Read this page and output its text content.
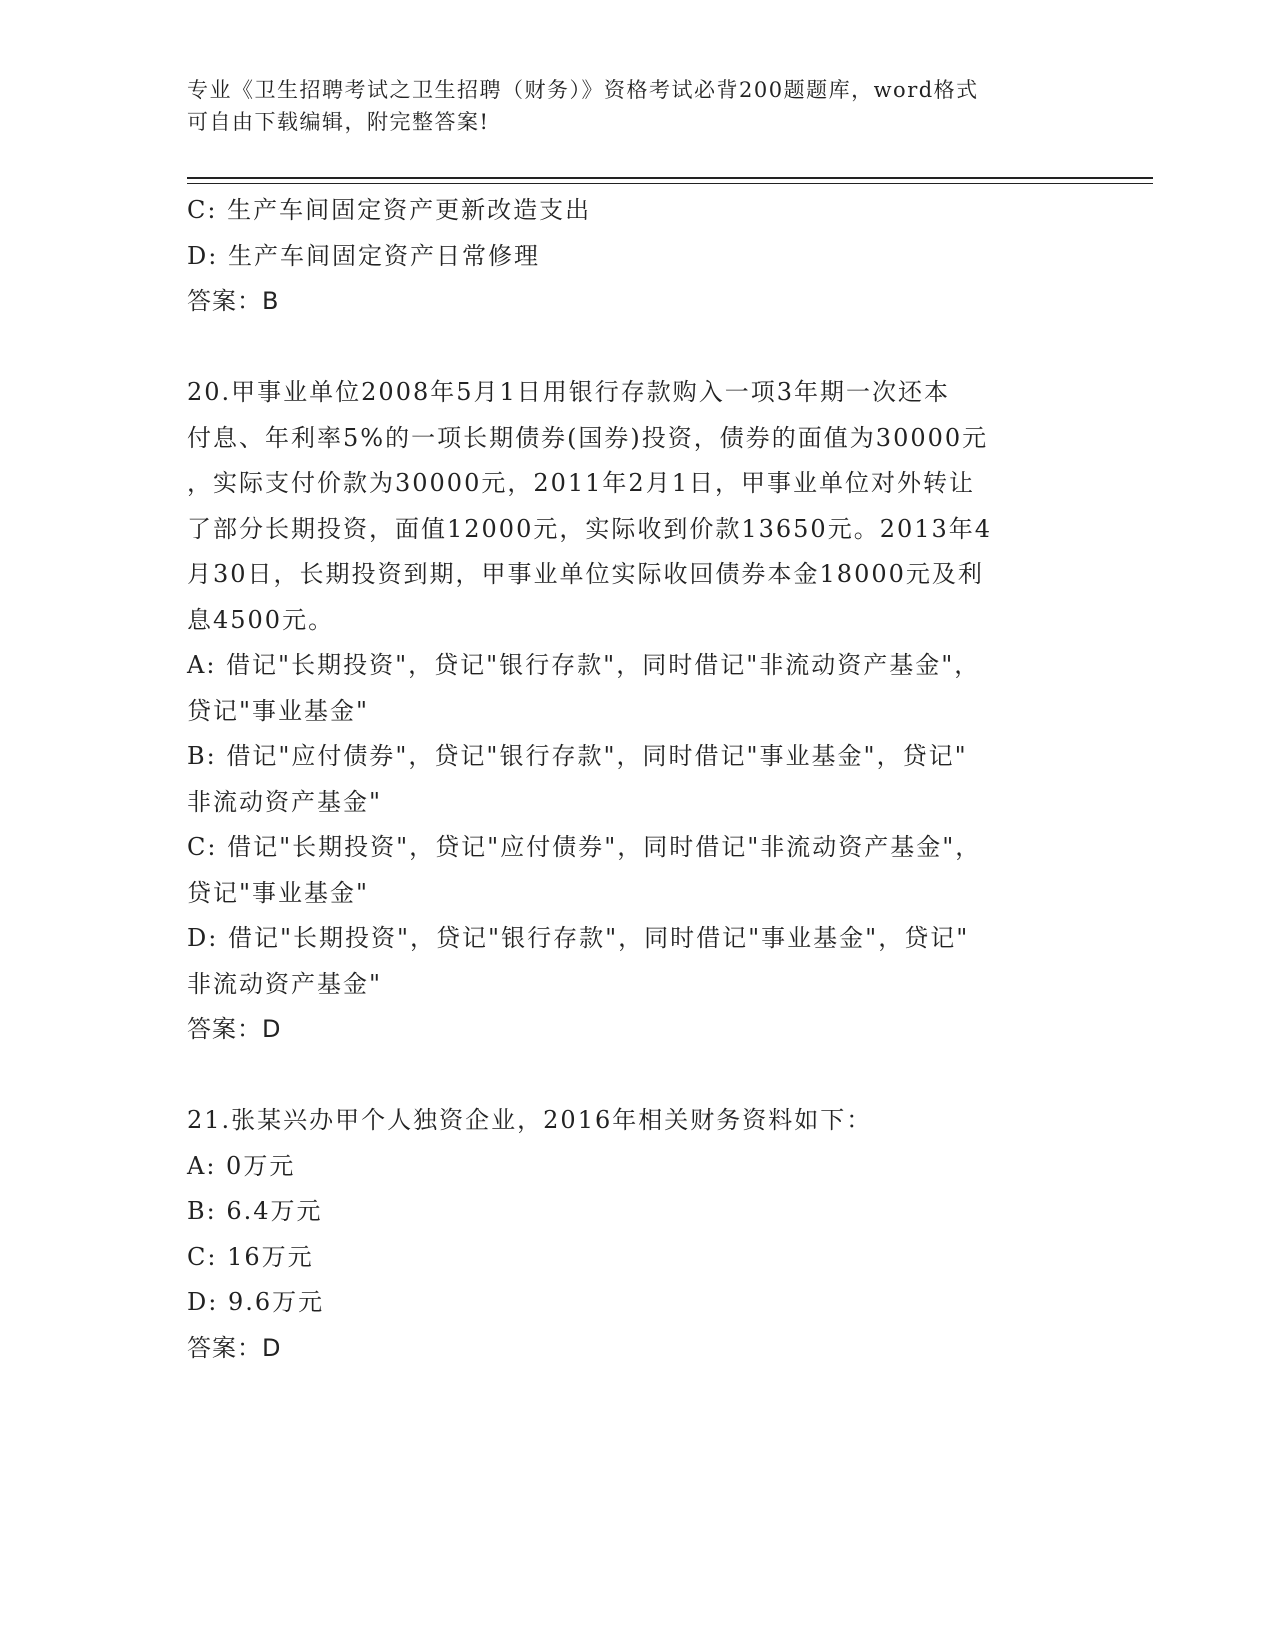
专业《卫生招聘考试之卫生招聘（财务）》资格考试必背200题题库，word格式
可自由下载编辑，附完整答案!
C: 生产车间固定资产更新改造支出
D: 生产车间固定资产日常修理
答案：B
20.甲事业单位2008年5月1日用银行存款购入一项3年期一次还本
付息、年利率5%的一项长期债券(国券)投资，债券的面值为30000元
，实际支付价款为30000元，2011年2月1日，甲事业单位对外转让
了部分长期投资，面值12000元，实际收到价款13650元。2013年4
月30日，长期投资到期，甲事业单位实际收回债券本金18000元及利
息4500元。
A: 借记"长期投资"，贷记"银行存款"，同时借记"非流动资产基金"，
贷记"事业基金"
B: 借记"应付债券"，贷记"银行存款"，同时借记"事业基金"，贷记"
非流动资产基金"
C: 借记"长期投资"，贷记"应付债券"，同时借记"非流动资产基金"，
贷记"事业基金"
D: 借记"长期投资"，贷记"银行存款"，同时借记"事业基金"，贷记"
非流动资产基金"
答案：D
21.张某兴办甲个人独资企业，2016年相关财务资料如下：
A: 0万元
B: 6.4万元
C: 16万元
D: 9.6万元
答案：D
